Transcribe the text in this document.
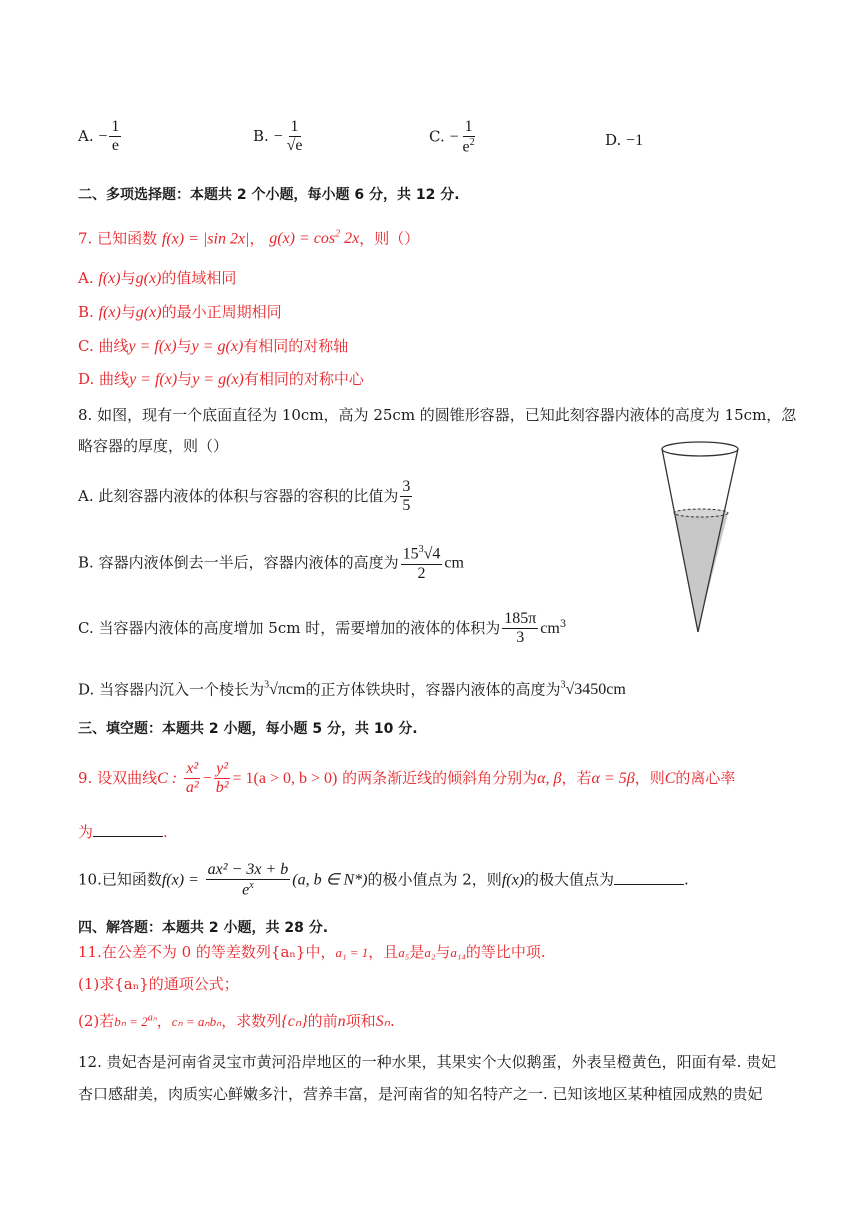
A. − $\frac{1}{e}$	B. − $\frac{1}{√e}$	C. − $\frac{1}{e^2}$	D. −1
二、多项选择题：本题共 2 个小题，每小题 6 分，共 12 分.
7. 已知函数 f(x) = |sin 2x|， $g(x) = \cos^2 2x$，则（）
A. f(x)与g(x)的值域相同
B. f(x)与g(x)的最小正周期相同
C. 曲线y = f(x)与y = g(x)有相同的对称轴
D. 曲线y = f(x)与y = g(x)有相同的对称中心
8. 如图，现有一个底面直径为 10cm，高为 25cm 的圆锥形容器，已知此刻容器内液体的高度为 15cm，忽
略容器的厚度，则（）
A. 此刻容器内液体的体积与容器的容积的比值为 $\frac{3}{5}$
B. 容器内液体倒去一半后，容器内液体的高度为 $\frac{15^3√4}{2}$ cm
C. 当容器内液体的高度增加 5cm 时，需要增加的液体的体积为 $\frac{185\pi}{3} cm^3$
D. 当容器内沉入一个棱长为$^3$√πcm的正方体铁块时，容器内液体的高度为$^3$√3450cm
三、填空题：本题共 2 小题，每小题 5 分，共 10 分.
9. 设双曲线C : $\frac{\text{x²}}{\text{a²}} - \frac{\text{y²}}{\text{b²}} = 1(a > 0$, b > 0) 的两条渐近线的倾斜角分别为α, β，若α = 5β，则C的离心率
为	.
10.已知函数$f(x) = \frac{\text{ax² − 3x + b}}{e^x} (a$, b ∈ N*)的极小值点为 2，则f(x)的极大值点为	.
四、解答题：本题共 2 小题，共 28 分.
11.在公差不为 0 的等差数列{aₙ}中，a₁ = 1，且a₅是a₂与a₁₄的等比中项.
(1)求{aₙ}的通项公式；
(2)若$b_n = 2^{a_n}$，cₙ = aₙbₙ，求数列{cₙ}的前n项和Sₙ.
12. 贵妃杏是河南省灵宝市黄河沿岸地区的一种水果，其果实个大似鹅蛋，外表呈橙黄色，阳面有晕. 贵妃
杏口感甜美，肉质实心鲜嫩多汁，营养丰富，是河南省的知名特产之一. 已知该地区某种植园成熟的贵妃
